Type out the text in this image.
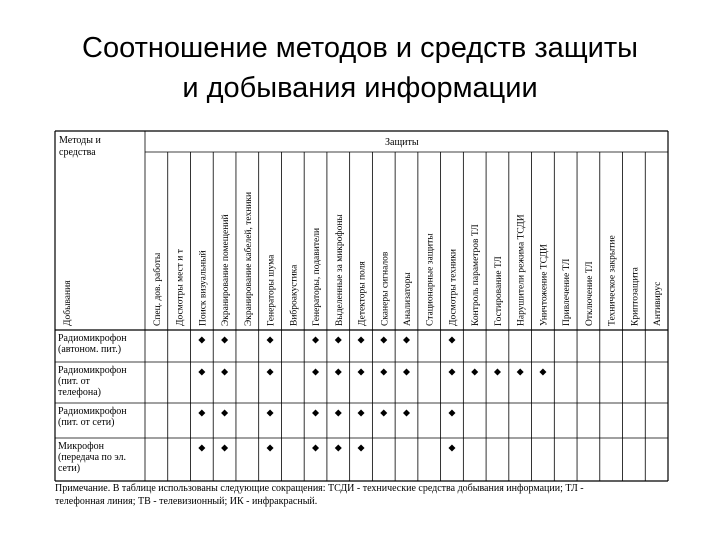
Соотношение методов и средств защиты
и добывания информации
Методы и
средства
Добывания
Защиты
Спец. дов. работы Досмотры мест и т Поиск визуальный Экранирование помещений Экранирование кабелей, техники Генераторы шума Виброакустика Генераторы, подавители Выделенные за микрофоны Детекторы поля Сканеры сигналов Анализаторы Стационарные защиты Досмотры техники Контроль параметров ТЛ Гостирование ТЛ Нарушители режима ТСДИ Уничтожение ТСДИ Привлечение ТЛ Отключение ТЛ Техническое закрытие Криптозащита Антивирус
Радиомикрофон
(автоном. пит.)
Радиомикрофон
(пит. от
телефона)
Радиомикрофон
(пит. от сети)
Микрофон
(передача по эл.
сети)
Примечание. В таблице использованы следующие сокращения: ТСДИ - технические средства добывания информации; ТЛ -
телефонная линия; ТВ - телевизионный; ИК - инфракрасный.
